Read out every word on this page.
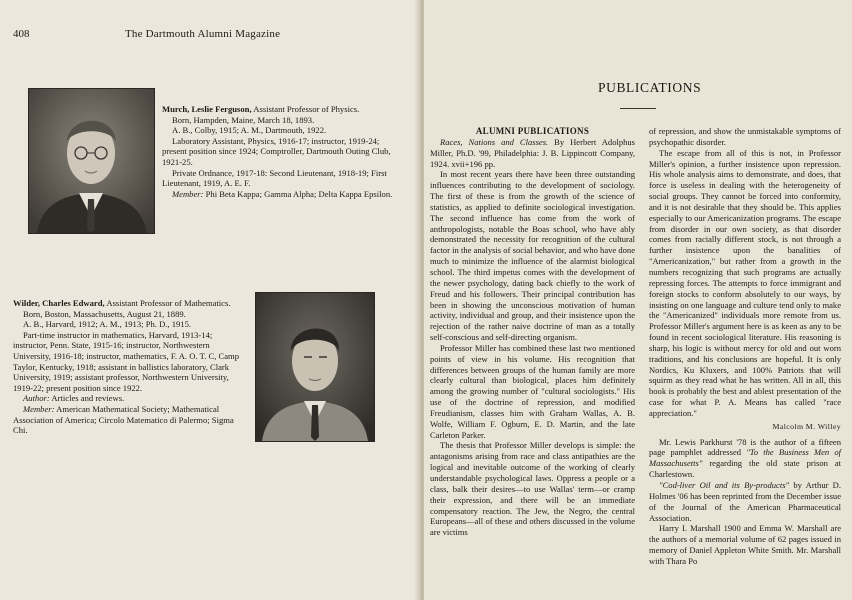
408	The Dartmouth Alumni Magazine

Murch, Leslie Ferguson, Assistant Professor of Physics.

Born, Hampden, Maine, March 18, 1893.

A. B., Colby, 1915; A. M., Dartmouth, 1922.

Laboratory Assistant, Physics, 1916-17; instructor, 1919-24; present position since 1924; Comptroller, Dartmouth Outing Club, 1921-25.

Private Ordnance, 1917-18: Second Lieutenant, 1918-19; First Lieutenant, 1919, A. E. F.

Member: Phi Beta Kappa; Gamma Alpha; Delta Kappa Epsilon.

Wilder, Charles Edward, Assistant Professor of Mathematics.

Born, Boston, Massachusetts, August 21, 1889.

A. B., Harvard, 1912; A. M., 1913; Ph. D., 1915.

Part-time instructor in mathematics, Harvard, 1913-14; instructor, Penn. State, 1915-16; instructor, Northwestern University, 1916-18; instructor, mathematics, F. A. O. T. C, Camp Taylor, Kentucky, 1918; assistant in ballistics laboratory, Clark University, 1919; assistant professor, Northwestern University, 1919-22; present position since 1922.

Author: Articles and reviews.

Member: American Mathematical Society; Mathematical Association of America; Circolo Matematico di Palermo; Sigma Chi.

PUBLICATIONS
ALUMNI PUBLICATIONS

Races, Nations and Classes. By Herbert Adolphus Miller, Ph.D. '99, Philadelphia: J. B. Lippincott Company, 1924. xvii+196 pp.

In most recent years there have been three outstanding influences contributing to the development of sociology. The first of these is from the growth of the science of statistics, as applied to definite sociological investigation. The second influence has come from the work of anthropologists, notable the Boas school, who have ably demonstrated the necessity for recognition of the cultural factor in the analysis of social behavior, and who have done much to minimize the influence of the alarmist biological school. The third impetus comes with the development of the newer psychology, dating back chiefly to the work of Freud and his followers. Their principal contribution has been in showing the unconscious motivation of human activity, individual and group, and their insistence upon the rejection of the rather naive doctrine of man as a totally self-conscious and self-directing organism.

Professor Miller has combined these last two mentioned points of view in his volume. His recognition that differences between groups of the human family are more clearly cultural than biological, places him definitely among the growing number of "cultural sociologists." His use of the doctrine of repression, and modified Freudianism, classes him with Graham Wallas, A. B. Wolfe, William F. Ogburn, E. D. Martin, and the late Carleton Parker.

The thesis that Professor Miller develops is simple: the antagonisms arising from race and class antipathies are the logical and inevitable outcome of the working of clearly understandable psychological laws. Oppress a people or a class, balk their desires—to use Wallas' term—or cramp their expression, and there will be an immediate compensatory reaction. The Jew, the Negro, the central Europeans—all of these and others discussed in the volume are victims

of repression, and show the unmistakable symptoms of psychopathic disorder.

The escape from all of this is not, in Professor Miller's opinion, a further insistence upon repression. His whole analysis aims to demonstrate, and does, that force is useless in dealing with the heterogeneity of social groups. They cannot be forced into conformity, and it is not desirable that they should be. This applies especially to our Americanization programs. The escape from disorder in our own society, as that disorder comes from racially different stock, is not through a further insistence upon the banalities of "Americanization," but rather from a growth in the numbers recognizing that such programs are actually repressing forces. The attempts to force immigrant and foreign stocks to conform absolutely to our ways, by insisting on one language and culture tend only to make the "Americanized" individuals more remote from us. Professor Miller's argument here is as keen as any to be found in recent sociological literature. His reasoning is sharp, his logic is without mercy for old and out worn traditions, and his conclusions are hopeful. It is only Nordics, Ku Kluxers, and 100% Patriots that will squirm as they read what he has written. All in all, this book is probably the best and ablest presentation of the case for what P. A. Means has called "race appreciation."

Malcolm M. Willey

Mr. Lewis Parkhurst '78 is the author of a fifteen page pamphlet addressed "To the Business Men of Massachusetts" regarding the old state prison at Charlestown.

"Cod-liver Oil and its By-products" by Arthur D. Holmes '06 has been reprinted from the December issue of the Journal of the American Pharmaceutical Association.

Harry I. Marshall 1900 and Emma W. Marshall are the authors of a memorial volume of 62 pages issued in memory of Daniel Appleton White Smith. Mr. Marshall with Thara Po
